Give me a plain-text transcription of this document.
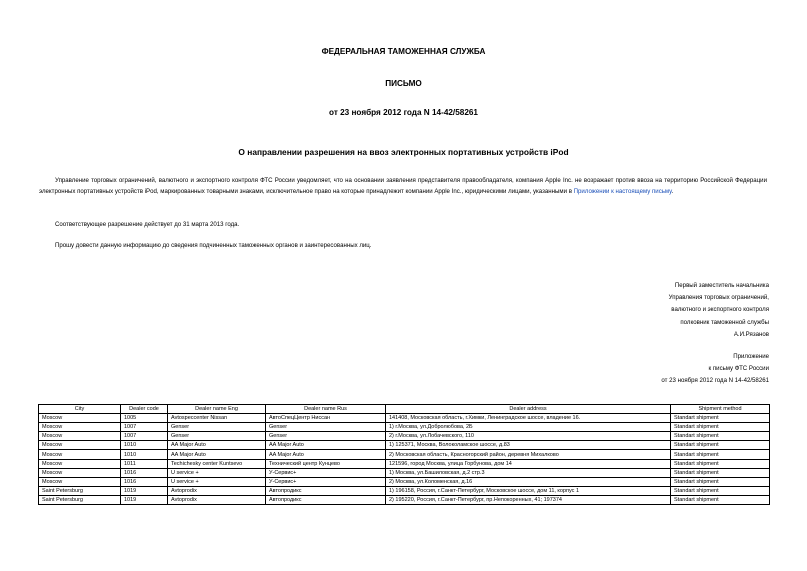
ФЕДЕРАЛЬНАЯ ТАМОЖЕННАЯ СЛУЖБА
ПИСЬМО
от 23 ноября 2012 года N 14-42/58261
О направлении разрешения на ввоз электронных портативных устройств iPod
Управление торговых ограничений, валютного и экспортного контроля ФТС России уведомляет, что на основании заявления представителя правообладателя, компания Apple Inc. не возражает против ввоза на территорию Российской Федерации электронных портативных устройств iPod, маркированных товарными знаками, исключительное право на которые принадлежит компании Apple Inc., юридическими лицами, указанными в Приложении к настоящему письму.
Соответствующее разрешение действует до 31 марта 2013 года.
Прошу довести данную информацию до сведения подчиненных таможенных органов и заинтересованных лиц.
Первый заместитель начальника
Управления торговых ограничений,
валютного и экспортного контроля
полковник таможенной службы
А.И.Рязанов
Приложение
к письму ФТС России
от 23 ноября 2012 года N 14-42/58261
City	Dealer code	Dealer name Eng	Dealer name Rus	Dealer address	Shipment method
Moscow	1005	Avtospeccenter Nissan	АвтоСпецЦентр Ниссан	141408, Московская область, г.Химки, Ленинградское шоссе, владение 16.	Standart shipment
Moscow	1007	Genser	Genser	1) г.Москва, ул.Добролюбова, 2Б	Standart shipment
Moscow	1007	Genser	Genser	2) г.Москва, ул.Лобачевского, 110	Standart shipment
Moscow	1010	AA Major Auto	AA Major Auto	1) 125371, Москва, Волоколамское шоссе, д.83	Standart shipment
Moscow	1010	AA Major Auto	AA Major Auto	2) Московская область, Красногорский район, деревня Михалково	Standart shipment
Moscow	1011	Techichesky center Kuntsevo	Технический центр Кунцево	121596, город Москва, улица Горбунова, дом 14	Standart shipment
Moscow	1016	U service +	У-Сервис+	1) Москва, ул.Башиловская, д.2 стр.3	Standart shipment
Moscow	1016	U service +	У-Сервис+	2) Москва, ул.Коломенская, д.16	Standart shipment
Saint Petersburg	1019	Avtoprodix	Автопродикс	1) 196158, Россия, г.Санкт-Петербург, Московское шоссе, дом 11, корпус 1	Standart shipment
Saint Petersburg	1019	Avtoprodix	Автопродикс	2) 195220, Россия, г.Санкт-Петербург, пр.Непокоренных, 41; 197374	Standart shipment
